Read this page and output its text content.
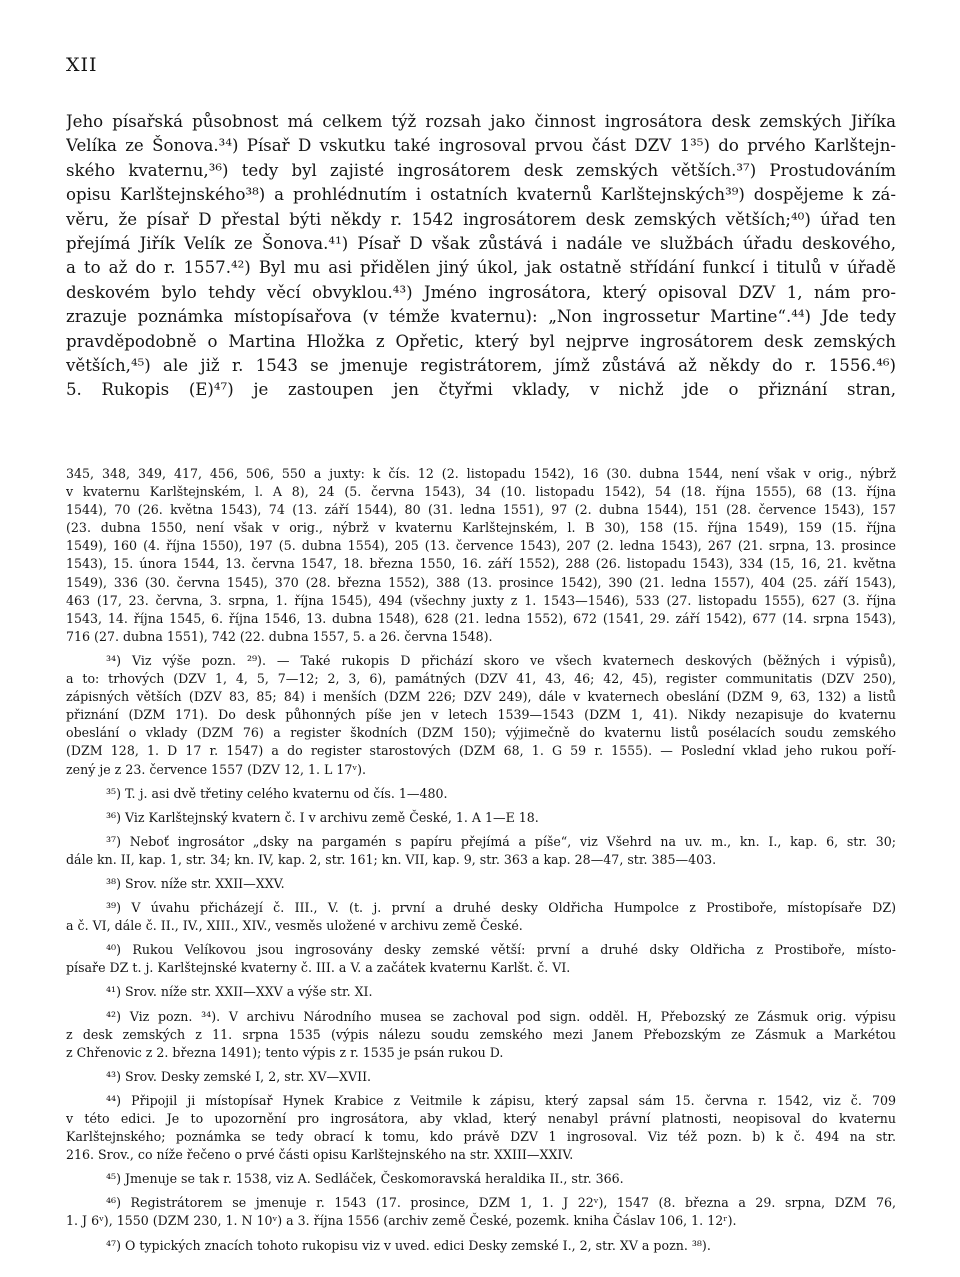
XII
Jeho písařská působnost má celkem týž rozsah jako činnost ingrosátora desk zemských Jiříka
Velíka ze Šonova.³⁴) Písař D vskutku také ingrosoval prvou část DZV 1³⁵) do prvého Karlštejn-
ského kvaternu,³⁶) tedy byl zajisté ingrosátorem desk zemských větších.³⁷) Prostudováním
opisu Karlštejnského³⁸) a prohlédnutím i ostatních kvaternů Karlštejnských³⁹) dospějeme k zá-
věru, že písař D přestal býti někdy r. 1542 ingrosátorem desk zemských větších;⁴⁰) úřad ten
přejímá Jiřík Velík ze Šonova.⁴¹) Písař D však zůstává i nadále ve službách úřadu deskového,
a to až do r. 1557.⁴²) Byl mu asi přidělen jiný úkol, jak ostatně střídání funkcí i titulů v úřadě
deskovém bylo tehdy věcí obvyklou.⁴³) Jméno ingrosátora, který opisoval DZV 1, nám pro-
zrazuje poznámka místopísařova (v témže kvaternu): „Non ingrossetur Martine“.⁴⁴) Jde tedy
pravděpodobně o Martina Hložka z Opřetic, který byl nejprve ingrosátorem desk zemských
větších,⁴⁵) ale již r. 1543 se jmenuje registrátorem, jímž zůstává až někdy do r. 1556.⁴⁶)
5. Rukopis (E)⁴⁷) je zastoupen jen čtyřmi vklady, v nichž jde o přiznání stran,
345, 348, 349, 417, 456, 506, 550 a juxty: k čís. 12 (2. listopadu 1542), 16 (30. dubna 1544, není však v orig., nýbrž
v kvaternu Karlštejnském, l. A 8), 24 (5. června 1543), 34 (10. listopadu 1542), 54 (18. října 1555), 68 (13. října
1544), 70 (26. května 1543), 74 (13. září 1544), 80 (31. ledna 1551), 97 (2. dubna 1544), 151 (28. července 1543), 157
(23. dubna 1550, není však v orig., nýbrž v kvaternu Karlštejnském, l. B 30), 158 (15. října 1549), 159 (15. října
1549), 160 (4. října 1550), 197 (5. dubna 1554), 205 (13. července 1543), 207 (2. ledna 1543), 267 (21. srpna, 13. prosince
1543), 15. února 1544, 13. června 1547, 18. března 1550, 16. září 1552), 288 (26. listopadu 1543), 334 (15, 16, 21. května
1549), 336 (30. června 1545), 370 (28. března 1552), 388 (13. prosince 1542), 390 (21. ledna 1557), 404 (25. září 1543),
463 (17, 23. června, 3. srpna, 1. října 1545), 494 (všechny juxty z 1. 1543—1546), 533 (27. listopadu 1555), 627 (3. října
1543, 14. října 1545, 6. října 1546, 13. dubna 1548), 628 (21. ledna 1552), 672 (1541, 29. září 1542), 677 (14. srpna 1543),
716 (27. dubna 1551), 742 (22. dubna 1557, 5. a 26. června 1548).
³⁴) Viz výše pozn. ²⁹). — Také rukopis D přichází skoro ve všech kvaternech deskových (běžných i výpisů),
a to: trhových (DZV 1, 4, 5, 7—12; 2, 3, 6), památných (DZV 41, 43, 46; 42, 45), register communitatis (DZV 250),
zápisných větších (DZV 83, 85; 84) i menších (DZM 226; DZV 249), dále v kvaternech obeslání (DZM 9, 63, 132) a listů
přiznání (DZM 171). Do desk půhonných píše jen v letech 1539—1543 (DZM 1, 41). Nikdy nezapisuje do kvaternu
obeslání o vklady (DZM 76) a register škodních (DZM 150); výjimečně do kvaternu listů posélacích soudu zemského
(DZM 128, 1. D 17 r. 1547) a do register starostových (DZM 68, 1. G 59 r. 1555). — Poslední vklad jeho rukou poří-
zený je z 23. července 1557 (DZV 12, 1. L 17ᵛ).
³⁵) T. j. asi dvě třetiny celého kvaternu od čís. 1—480.
³⁶) Viz Karlštejnský kvatern č. I v archivu země České, 1. A 1—E 18.
³⁷) Neboť ingrosátor „dsky na pargamén s papíru přejímá a píše“, viz Všehrd na uv. m., kn. I., kap. 6, str. 30;
dále kn. II, kap. 1, str. 34; kn. IV, kap. 2, str. 161; kn. VII, kap. 9, str. 363 a kap. 28—47, str. 385—403.
³⁸) Srov. níže str. XXII—XXV.
³⁹) V úvahu přicházejí č. III., V. (t. j. první a druhé desky Oldřicha Humpolce z Prostiboře, místopísaře DZ)
a č. VI, dále č. II., IV., XIII., XIV., vesměs uložené v archivu země České.
⁴⁰) Rukou Velíkovou jsou ingrosovány desky zemské větší: první a druhé dsky Oldřicha z Prostiboře, místo-
písaře DZ t. j. Karlštejnské kvaterny č. III. a V. a začátek kvaternu Karlšt. č. VI.
⁴¹) Srov. níže str. XXII—XXV a výše str. XI.
⁴²) Viz pozn. ³⁴). V archivu Národního musea se zachoval pod sign. odděl. H, Přebozský ze Zásmuk orig. výpisu
z desk zemských z 11. srpna 1535 (výpis nálezu soudu zemského mezi Janem Přebozským ze Zásmuk a Markétou
z Chřenovic z 2. března 1491); tento výpis z r. 1535 je psán rukou D.
⁴³) Srov. Desky zemské I, 2, str. XV—XVII.
⁴⁴) Připojil ji místopísař Hynek Krabice z Veitmile k zápisu, který zapsal sám 15. června r. 1542, viz č. 709
v této edici. Je to upozornění pro ingrosátora, aby vklad, který nenabyl právní platnosti, neopisoval do kvaternu
Karlštejnského; poznámka se tedy obrací k tomu, kdo právě DZV 1 ingrosoval. Viz též pozn. b) k č. 494 na str.
216. Srov., co níže řečeno o prvé části opisu Karlštejnského na str. XXIII—XXIV.
⁴⁵) Jmenuje se tak r. 1538, viz A. Sedláček, Českomoravská heraldika II., str. 366.
⁴⁶) Registrátorem se jmenuje r. 1543 (17. prosince, DZM 1, 1. J 22ᵛ), 1547 (8. března a 29. srpna, DZM 76,
1. J 6ᵛ), 1550 (DZM 230, 1. N 10ᵛ) a 3. října 1556 (archiv země České, pozemk. kniha Čáslav 106, 1. 12ʳ).
⁴⁷) O typických znacích tohoto rukopisu viz v uved. edici Desky zemské I., 2, str. XV a pozn. ³⁸).
